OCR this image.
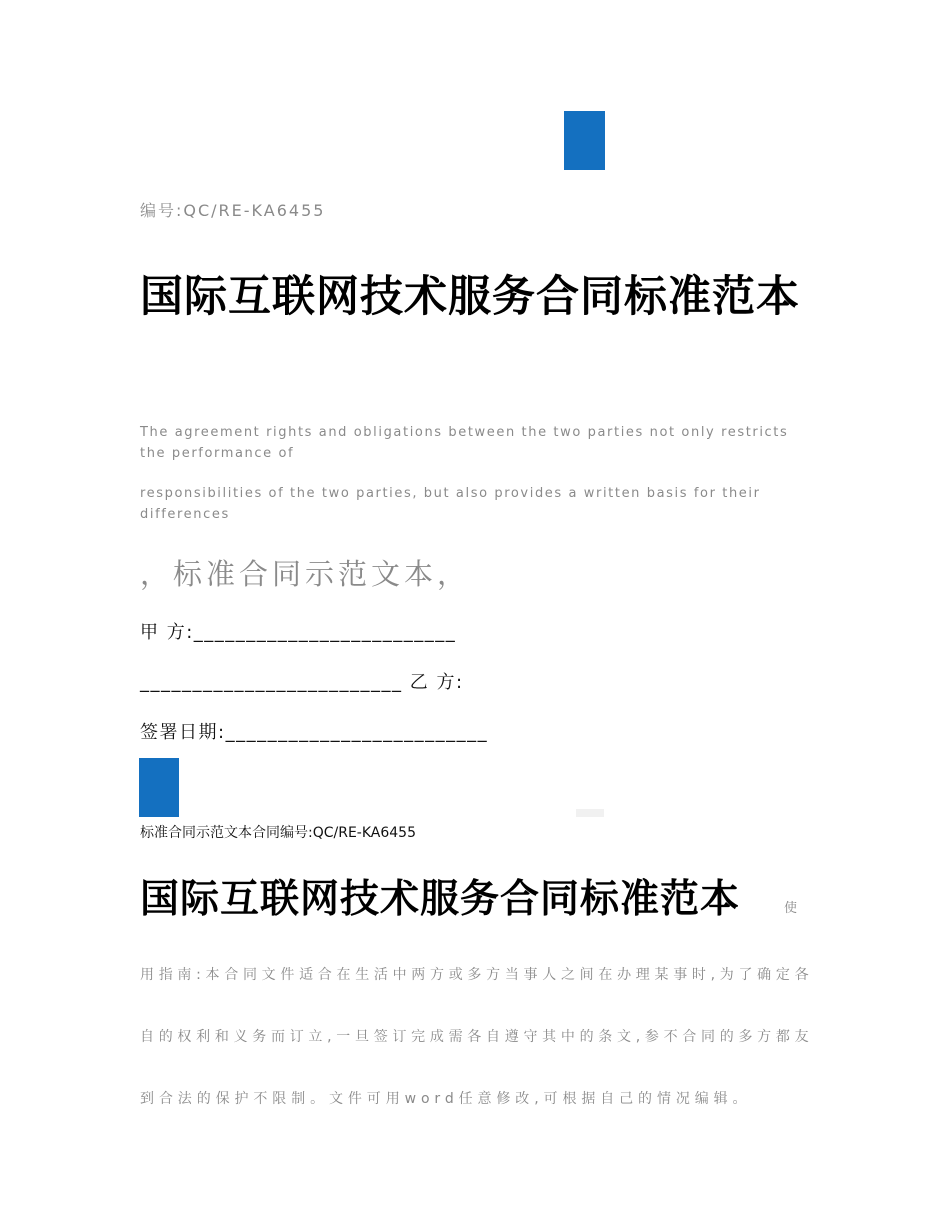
编号:QC/RE-KA6455
国际互联网技术服务合同标准范本
The agreement rights and obligations between the two parties not only restricts the performance of
responsibilities of the two parties, but also provides a written basis for their differences
，标准合同示范文本，
甲 方:_________________________
_________________________ 乙 方:
签署日期:_________________________
标准合同示范文本合同编号:QC/RE-KA6455
国际互联网技术服务合同标准范本	使
用指南:本合同文件适合在生活中两方或多方当事人之间在办理某事时,为了确定各
自的权利和义务而订立,一旦签订完成需各自遵守其中的条文,参不合同的多方都友
到合法的保护不限制。文件可用word任意修改,可根据自己的情况编辑。
